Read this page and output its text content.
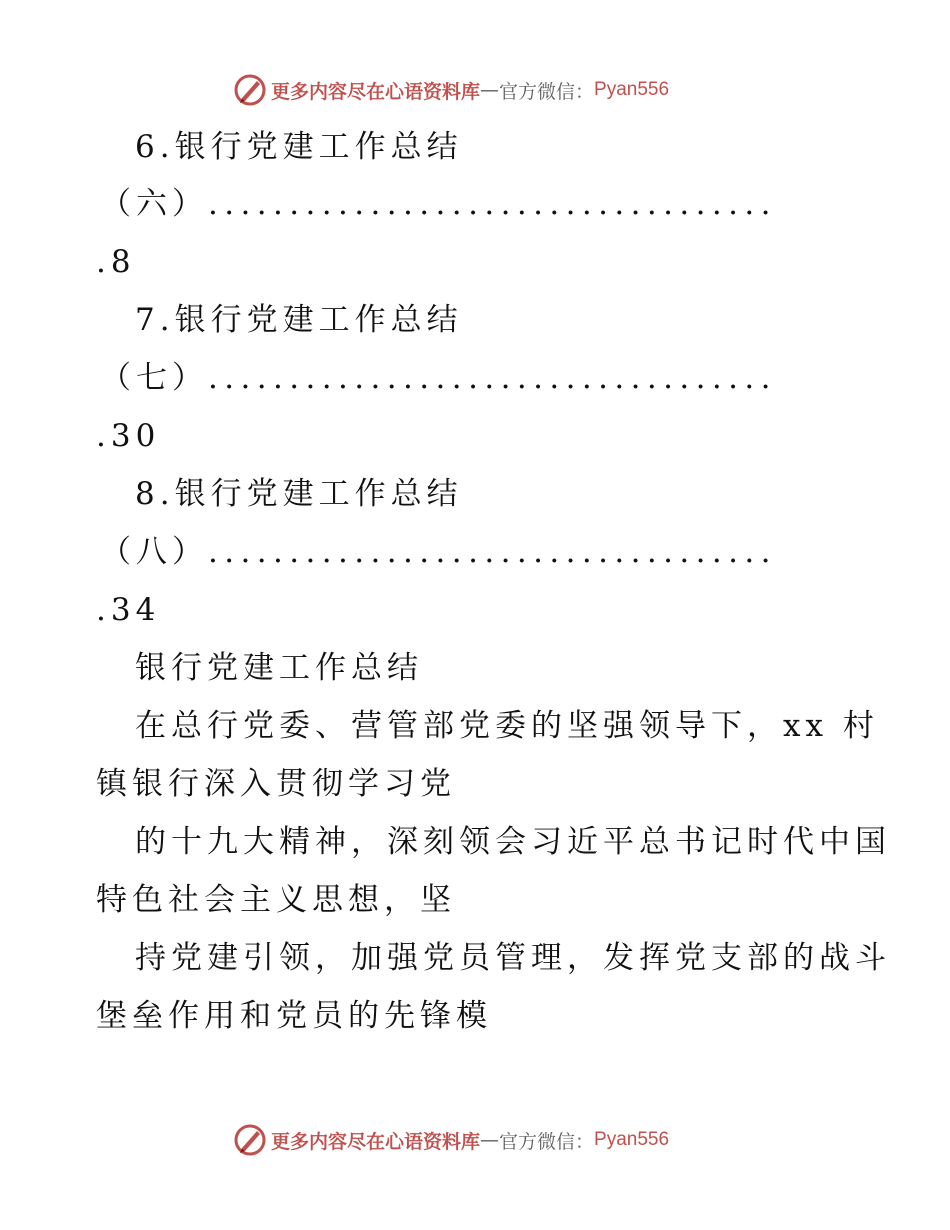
更多内容尽在心语资料库 — 官方微信： Pyan556
6.银行党建工作总结
（六）...................................
.8
7.银行党建工作总结
（七）...................................
.30
8.银行党建工作总结
（八）...................................
.34
银行党建工作总结
在总行党委、营管部党委的坚强领导下，xx 村
镇银行深入贯彻学习党
的十九大精神，深刻领会习近平总书记时代中国
特色社会主义思想，坚
持党建引领，加强党员管理，发挥党支部的战斗
堡垒作用和党员的先锋模
更多内容尽在心语资料库 — 官方微信： Pyan556
